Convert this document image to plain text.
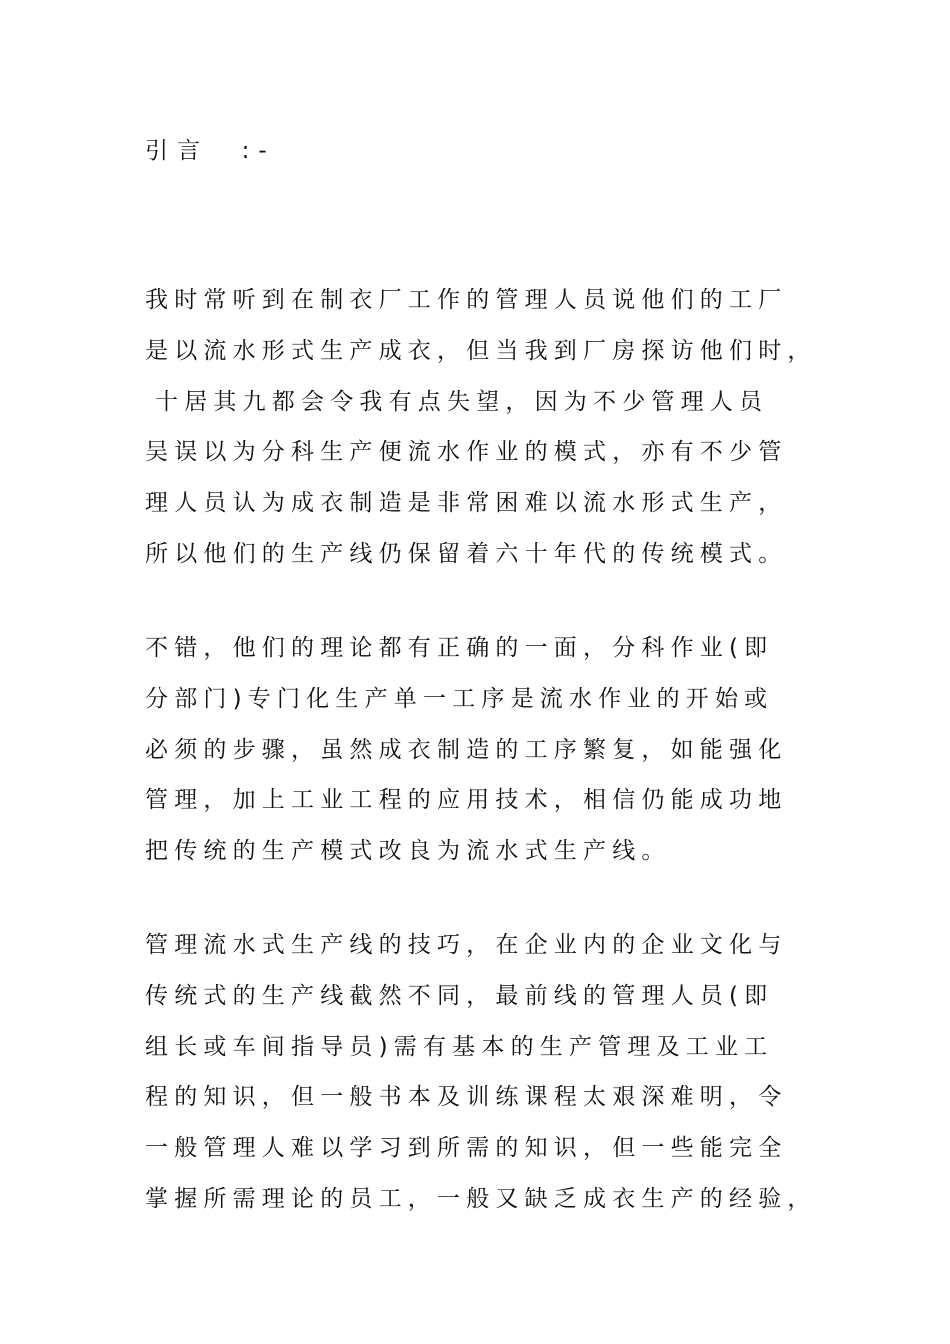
引言  :-
我时常听到在制衣厂工作的管理人员说他们的工厂
是以流水形式生产成衣，但当我到厂房探访他们时，
十居其九都会令我有点失望，因为不少管理人员
吴误以为分科生产便流水作业的模式，亦有不少管
理人员认为成衣制造是非常困难以流水形式生产，
所以他们的生产线仍保留着六十年代的传统模式。
不错，他们的理论都有正确的一面，分科作业(即
分部门)专门化生产单一工序是流水作业的开始或
必须的步骤，虽然成衣制造的工序繁复，如能强化
管理，加上工业工程的应用技术，相信仍能成功地
把传统的生产模式改良为流水式生产线。
管理流水式生产线的技巧，在企业内的企业文化与
传统式的生产线截然不同，最前线的管理人员(即
组长或车间指导员)需有基本的生产管理及工业工
程的知识，但一般书本及训练课程太艰深难明，令
一般管理人难以学习到所需的知识，但一些能完全
掌握所需理论的员工，一般又缺乏成衣生产的经验，
